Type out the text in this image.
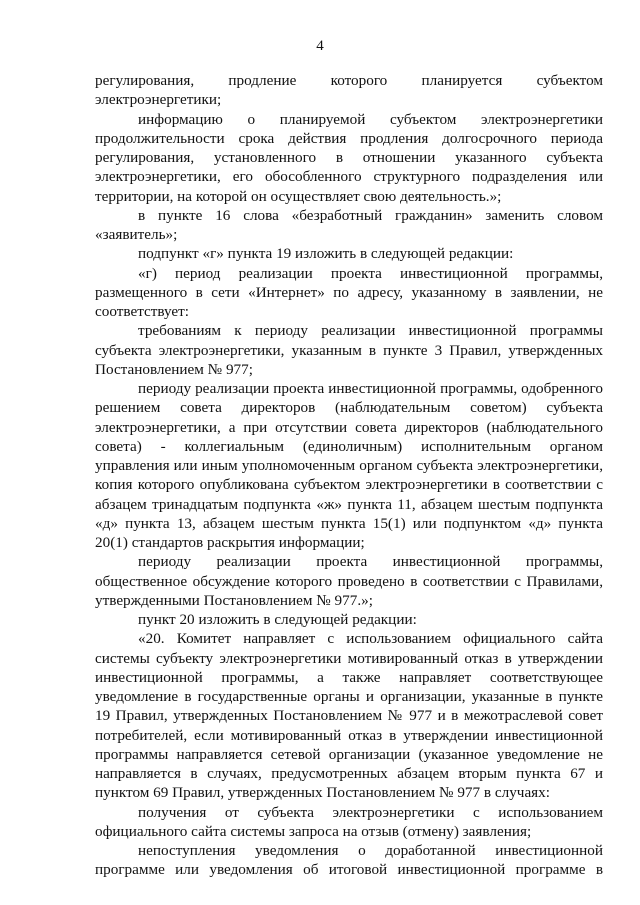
4
регулирования, продление которого планируется субъектом
электроэнергетики;
информацию о планируемой субъектом электроэнергетики
продолжительности срока действия продления долгосрочного периода
регулирования, установленного в отношении указанного субъекта
электроэнергетики, его обособленного структурного подразделения или
территории, на которой он осуществляет свою деятельность.»;
в пункте 16 слова «безработный гражданин» заменить словом
«заявитель»;
подпункт «г» пункта 19 изложить в следующей редакции:
«г) период реализации проекта инвестиционной программы,
размещенного в сети «Интернет» по адресу, указанному в заявлении, не
соответствует:
требованиям к периоду реализации инвестиционной программы
субъекта электроэнергетики, указанным в пункте 3 Правил, утвержденных
Постановлением № 977;
периоду реализации проекта инвестиционной программы, одобренного
решением совета директоров (наблюдательным советом) субъекта
электроэнергетики, а при отсутствии совета директоров (наблюдательного
совета) - коллегиальным (единоличным) исполнительным органом
управления или иным уполномоченным органом субъекта электроэнергетики,
копия которого опубликована субъектом электроэнергетики в соответствии с
абзацем тринадцатым подпункта «ж» пункта 11, абзацем шестым подпункта
«д» пункта 13, абзацем шестым пункта 15(1) или подпунктом «д» пункта
20(1) стандартов раскрытия информации;
периоду реализации проекта инвестиционной программы,
общественное обсуждение которого проведено в соответствии с Правилами,
утвержденными Постановлением № 977.»;
пункт 20 изложить в следующей редакции:
«20. Комитет направляет с использованием официального сайта
системы субъекту электроэнергетики мотивированный отказ в утверждении
инвестиционной программы, а также направляет соответствующее
уведомление в государственные органы и организации, указанные в пункте
19 Правил, утвержденных Постановлением № 977 и в межотраслевой совет
потребителей, если мотивированный отказ в утверждении инвестиционной
программы направляется сетевой организации (указанное уведомление не
направляется в случаях, предусмотренных абзацем вторым пункта 67 и
пунктом 69 Правил, утвержденных Постановлением № 977 в случаях:
получения от субъекта электроэнергетики с использованием
официального сайта системы запроса на отзыв (отмену) заявления;
непоступления уведомления о доработанной инвестиционной
программе или уведомления об итоговой инвестиционной программе в
